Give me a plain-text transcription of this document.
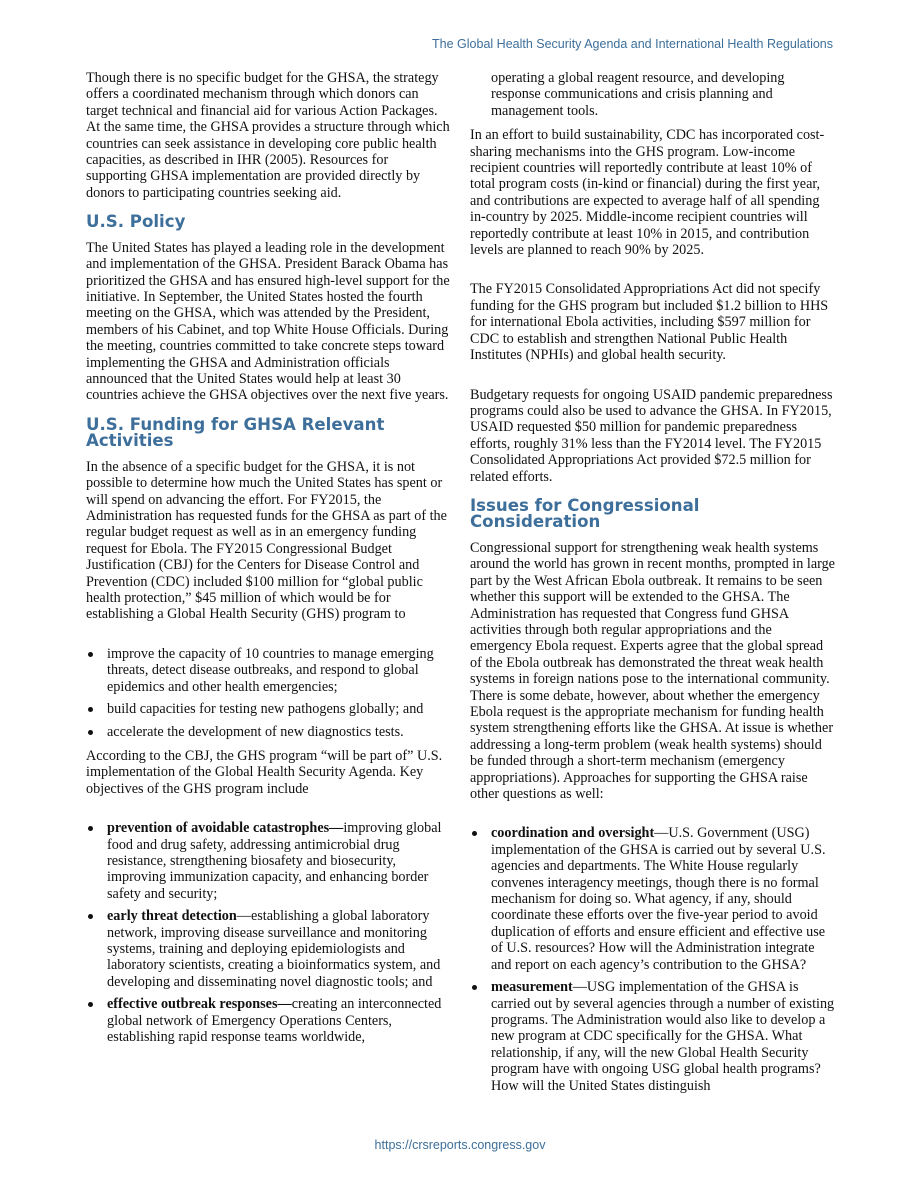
The Global Health Security Agenda and International Health Regulations

Though there is no specific budget for the GHSA, the strategy offers a coordinated mechanism through which donors can target technical and financial aid for various Action Packages. At the same time, the GHSA provides a structure through which countries can seek assistance in developing core public health capacities, as described in IHR (2005). Resources for supporting GHSA implementation are provided directly by donors to participating countries seeking aid.

U.S. Policy

The United States has played a leading role in the development and implementation of the GHSA. President Barack Obama has prioritized the GHSA and has ensured high-level support for the initiative. In September, the United States hosted the fourth meeting on the GHSA, which was attended by the President, members of his Cabinet, and top White House Officials. During the meeting, countries committed to take concrete steps toward implementing the GHSA and Administration officials announced that the United States would help at least 30 countries achieve the GHSA objectives over the next five years.

U.S. Funding for GHSA Relevant Activities

In the absence of a specific budget for the GHSA, it is not possible to determine how much the United States has spent or will spend on advancing the effort. For FY2015, the Administration has requested funds for the GHSA as part of the regular budget request as well as in an emergency funding request for Ebola. The FY2015 Congressional Budget Justification (CBJ) for the Centers for Disease Control and Prevention (CDC) included $100 million for “global public health protection,” $45 million of which would be for establishing a Global Health Security (GHS) program to

improve the capacity of 10 countries to manage emerging threats, detect disease outbreaks, and respond to global epidemics and other health emergencies;
build capacities for testing new pathogens globally; and
accelerate the development of new diagnostics tests.

According to the CBJ, the GHS program “will be part of” U.S. implementation of the Global Health Security Agenda. Key objectives of the GHS program include

prevention of avoidable catastrophes—improving global food and drug safety, addressing antimicrobial drug resistance, strengthening biosafety and biosecurity, improving immunization capacity, and enhancing border safety and security;
early threat detection—establishing a global laboratory network, improving disease surveillance and monitoring systems, training and deploying epidemiologists and laboratory scientists, creating a bioinformatics system, and developing and disseminating novel diagnostic tools; and
effective outbreak responses—creating an interconnected global network of Emergency Operations Centers, establishing rapid response teams worldwide,
operating a global reagent resource, and developing response communications and crisis planning and management tools.

In an effort to build sustainability, CDC has incorporated cost-sharing mechanisms into the GHS program. Low-income recipient countries will reportedly contribute at least 10% of total program costs (in-kind or financial) during the first year, and contributions are expected to average half of all spending in-country by 2025. Middle-income recipient countries will reportedly contribute at least 10% in 2015, and contribution levels are planned to reach 90% by 2025.

The FY2015 Consolidated Appropriations Act did not specify funding for the GHS program but included $1.2 billion to HHS for international Ebola activities, including $597 million for CDC to establish and strengthen National Public Health Institutes (NPHIs) and global health security.

Budgetary requests for ongoing USAID pandemic preparedness programs could also be used to advance the GHSA. In FY2015, USAID requested $50 million for pandemic preparedness efforts, roughly 31% less than the FY2014 level. The FY2015 Consolidated Appropriations Act provided $72.5 million for related efforts.

Issues for Congressional Consideration

Congressional support for strengthening weak health systems around the world has grown in recent months, prompted in large part by the West African Ebola outbreak. It remains to be seen whether this support will be extended to the GHSA. The Administration has requested that Congress fund GHSA activities through both regular appropriations and the emergency Ebola request. Experts agree that the global spread of the Ebola outbreak has demonstrated the threat weak health systems in foreign nations pose to the international community. There is some debate, however, about whether the emergency Ebola request is the appropriate mechanism for funding health system strengthening efforts like the GHSA. At issue is whether addressing a long-term problem (weak health systems) should be funded through a short-term mechanism (emergency appropriations). Approaches for supporting the GHSA raise other questions as well:

coordination and oversight—U.S. Government (USG) implementation of the GHSA is carried out by several U.S. agencies and departments. The White House regularly convenes interagency meetings, though there is no formal mechanism for doing so. What agency, if any, should coordinate these efforts over the five-year period to avoid duplication of efforts and ensure efficient and effective use of U.S. resources? How will the Administration integrate and report on each agency’s contribution to the GHSA?
measurement—USG implementation of the GHSA is carried out by several agencies through a number of existing programs. The Administration would also like to develop a new program at CDC specifically for the GHSA. What relationship, if any, will the new Global Health Security program have with ongoing USG global health programs? How will the United States distinguish
https://crsreports.congress.gov
